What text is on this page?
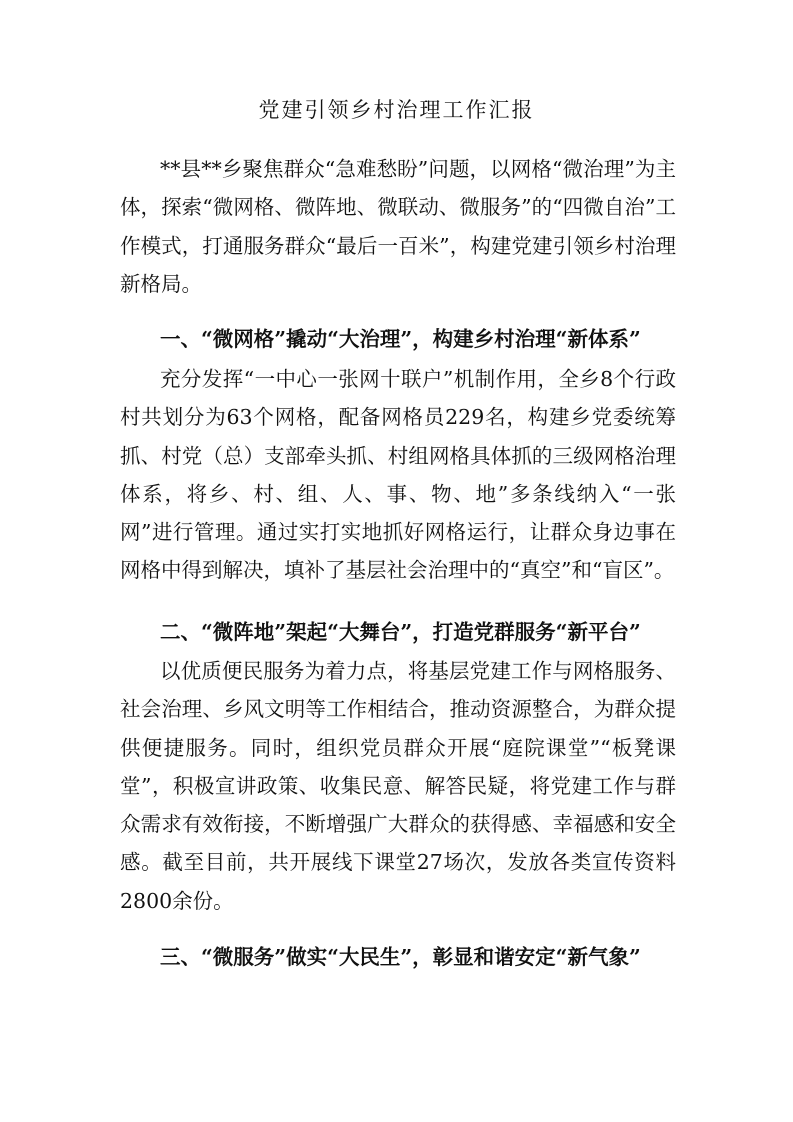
党建引领乡村治理工作汇报

**县**乡聚焦群众“急难愁盼”问题，以网格“微治理”为主体，探索“微网格、微阵地、微联动、微服务”的“四微自治”工作模式，打通服务群众“最后一百米”，构建党建引领乡村治理新格局。

一、“微网格”撬动“大治理”，构建乡村治理“新体系”

充分发挥“一中心一张网十联户”机制作用，全乡8个行政村共划分为63个网格，配备网格员229名，构建乡党委统筹抓、村党（总）支部牵头抓、村组网格具体抓的三级网格治理体系，将乡、村、组、人、事、物、地”多条线纳入“一张网”进行管理。通过实打实地抓好网格运行，让群众身边事在网格中得到解决，填补了基层社会治理中的“真空”和“盲区”。

二、“微阵地”架起“大舞台”，打造党群服务“新平台”

以优质便民服务为着力点，将基层党建工作与网格服务、社会治理、乡风文明等工作相结合，推动资源整合，为群众提供便捷服务。同时，组织党员群众开展“庭院课堂”“板凳课堂”，积极宣讲政策、收集民意、解答民疑，将党建工作与群众需求有效衔接，不断增强广大群众的获得感、幸福感和安全感。截至目前，共开展线下课堂27场次，发放各类宣传资料2800余份。

三、“微服务”做实“大民生”，彰显和谐安定“新气象”
